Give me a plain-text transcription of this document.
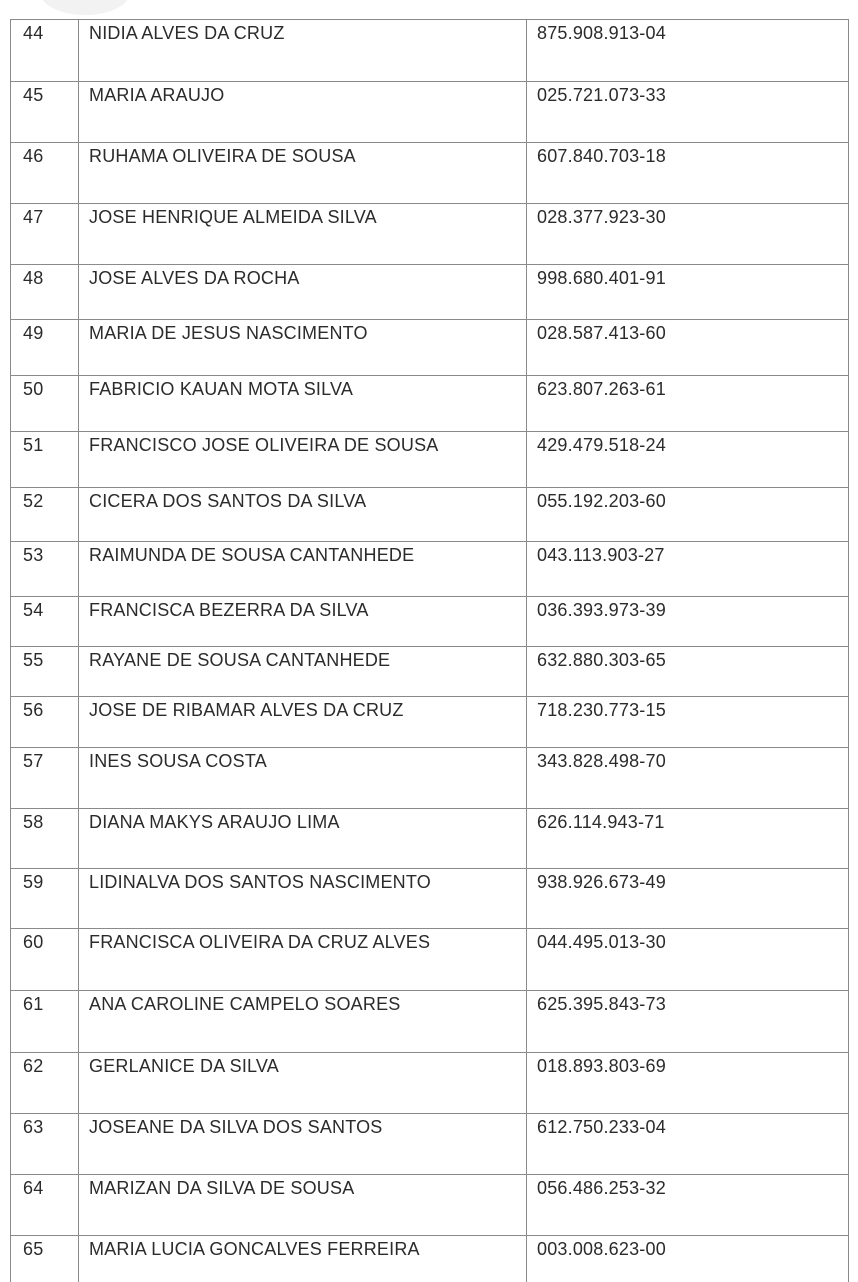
44	NIDIA ALVES DA CRUZ	875.908.913-04
45	MARIA ARAUJO	025.721.073-33
46	RUHAMA OLIVEIRA DE SOUSA	607.840.703-18
47	JOSE HENRIQUE ALMEIDA SILVA	028.377.923-30
48	JOSE ALVES DA ROCHA	998.680.401-91
49	MARIA DE JESUS NASCIMENTO	028.587.413-60
50	FABRICIO KAUAN MOTA SILVA	623.807.263-61
51	FRANCISCO JOSE OLIVEIRA DE SOUSA	429.479.518-24
52	CICERA DOS SANTOS DA SILVA	055.192.203-60
53	RAIMUNDA DE SOUSA CANTANHEDE	043.113.903-27
54	FRANCISCA BEZERRA DA SILVA	036.393.973-39
55	RAYANE DE SOUSA CANTANHEDE	632.880.303-65
56	JOSE DE RIBAMAR ALVES DA CRUZ	718.230.773-15
57	INES SOUSA COSTA	343.828.498-70
58	DIANA MAKYS ARAUJO LIMA	626.114.943-71
59	LIDINALVA DOS SANTOS NASCIMENTO	938.926.673-49
60	FRANCISCA OLIVEIRA DA CRUZ ALVES	044.495.013-30
61	ANA CAROLINE CAMPELO SOARES	625.395.843-73
62	GERLANICE DA SILVA	018.893.803-69
63	JOSEANE DA SILVA DOS SANTOS	612.750.233-04
64	MARIZAN DA SILVA DE SOUSA	056.486.253-32
65	MARIA LUCIA GONCALVES FERREIRA	003.008.623-00
